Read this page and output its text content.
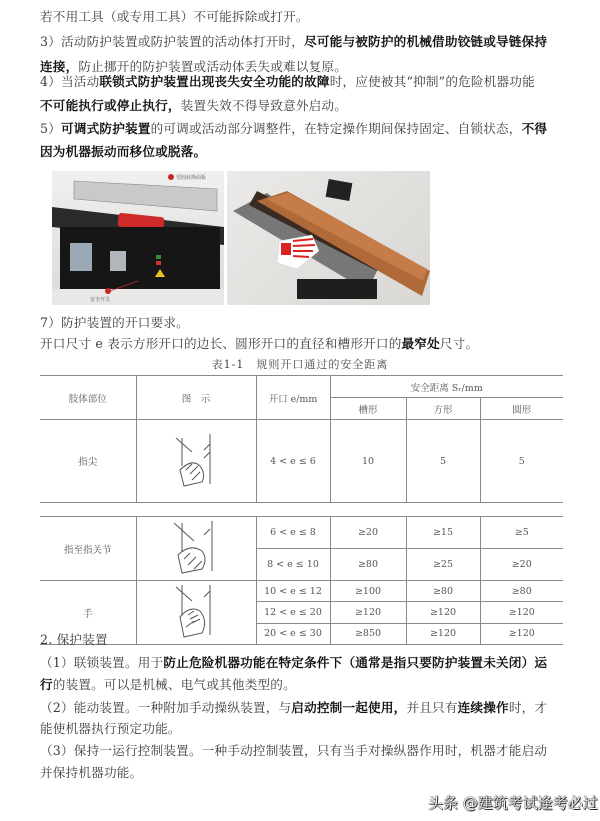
若不用工具（或专用工具）不可能拆除或打开。
3）活动防护装置或防护装置的活动体打开时，尽可能与被防护的机械借助铰链或导链保持
连接，防止挪开的防护装置或活动体丢失或难以复原。
4）当活动联锁式防护装置出现丧失安全功能的故障时，应使被其“抑制”的危险机器功能
不可能执行或停止执行，装置失效不得导致意外启动。
5）可调式防护装置的可调或活动部分调整件，在特定操作期间保持固定、自锁状态，不得
因为机器振动而移位或脱落。
望固转换面板
安全开关
7）防护装置的开口要求。
开口尺寸 e 表示方形开口的边长、圆形开口的直径和槽形开口的最窄处尺寸。
表1-1　规则开口通过的安全距离
肢体部位	图　示	开口 e/mm	安全距离 Sᵣ/mm		
			槽形	方形	圆形
指尖		4 < e ≤ 6	10	5	5

指至指关节		6 < e ≤ 8	≥20	≥15	≥5
		8 < e ≤ 10	≥80	≥25	≥20
手		10 < e ≤ 12	≥100	≥80	≥80
		12 < e ≤ 20	≥120	≥120	≥120
		20 < e ≤ 30	≥850	≥120	≥120
2. 保护装置
（1）联锁装置。用于防止危险机器功能在特定条件下（通常是指只要防护装置未关闭）运
行的装置。可以是机械、电气或其他类型的。
（2）能动装置。一种附加手动操纵装置，与启动控制一起使用，并且只有连续操作时，才
能使机器执行预定功能。
（3）保持一运行控制装置。一种手动控制装置，只有当手对操纵器作用时，机器才能启动
并保持机器功能。
头条 @建筑考试逢考必过
